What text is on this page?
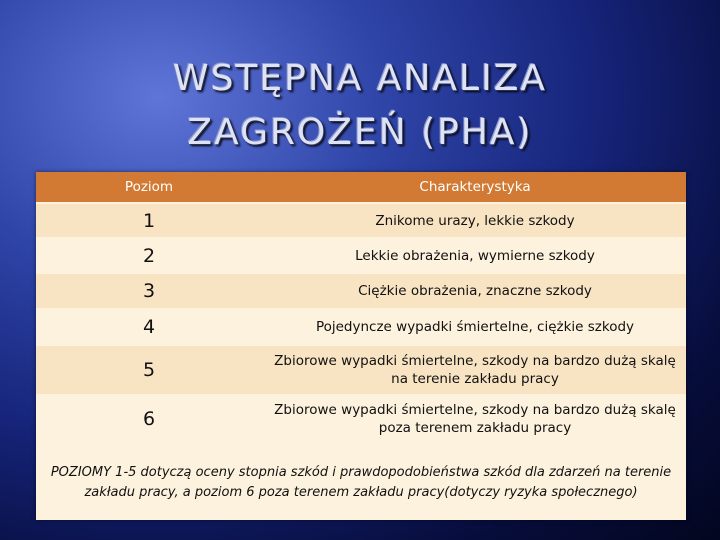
WSTĘPNA ANALIZA
ZAGROŻEŃ (PHA)
Poziom	Charakterystyka
1	Znikome urazy, lekkie szkody
2	Lekkie obrażenia, wymierne szkody
3	Ciężkie obrażenia, znaczne szkody
4	Pojedyncze wypadki śmiertelne, ciężkie szkody
5	Zbiorowe wypadki śmiertelne, szkody na bardzo dużą skalę na terenie zakładu pracy
6	Zbiorowe wypadki śmiertelne, szkody na bardzo dużą skalę poza terenem zakładu pracy
POZIOMY 1-5 dotyczą oceny stopnia szkód i prawdopodobieństwa szkód dla zdarzeń na terenie zakładu pracy, a poziom 6 poza terenem zakładu pracy(dotyczy ryzyka społecznego)
